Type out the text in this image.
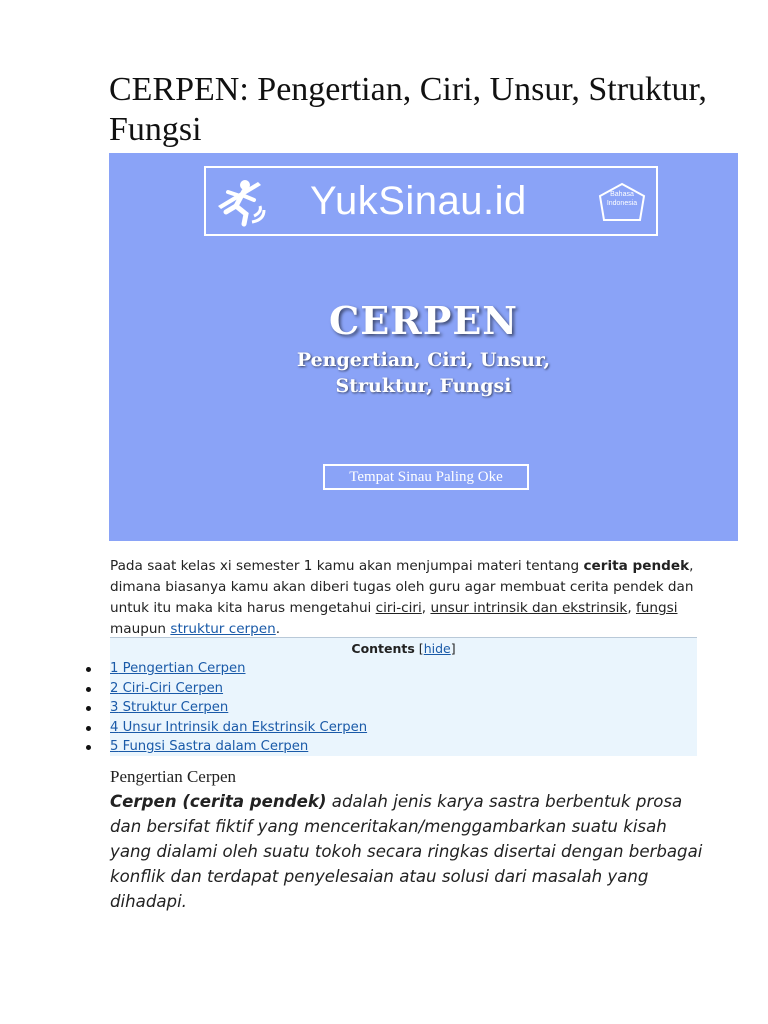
CERPEN: Pengertian, Ciri, Unsur, Struktur, Fungsi
YukSinau.id	Bahasa Indonesia
CERPEN
Pengertian, Ciri, Unsur,
Struktur, Fungsi
Tempat Sinau Paling Oke

Pada saat kelas xi semester 1 kamu akan menjumpai materi tentang cerita pendek, dimana biasanya kamu akan diberi tugas oleh guru agar membuat cerita pendek dan untuk itu maka kita harus mengetahui ciri-ciri, unsur intrinsik dan ekstrinsik, fungsi maupun struktur cerpen.

Contents [hide]
1 Pengertian Cerpen
2 Ciri-Ciri Cerpen
3 Struktur Cerpen
4 Unsur Intrinsik dan Ekstrinsik Cerpen
5 Fungsi Sastra dalam Cerpen
Pengertian Cerpen

Cerpen (cerita pendek) adalah jenis karya sastra berbentuk prosa dan bersifat fiktif yang menceritakan/menggambarkan suatu kisah yang dialami oleh suatu tokoh secara ringkas disertai dengan berbagai konflik dan terdapat penyelesaian atau solusi dari masalah yang dihadapi.
